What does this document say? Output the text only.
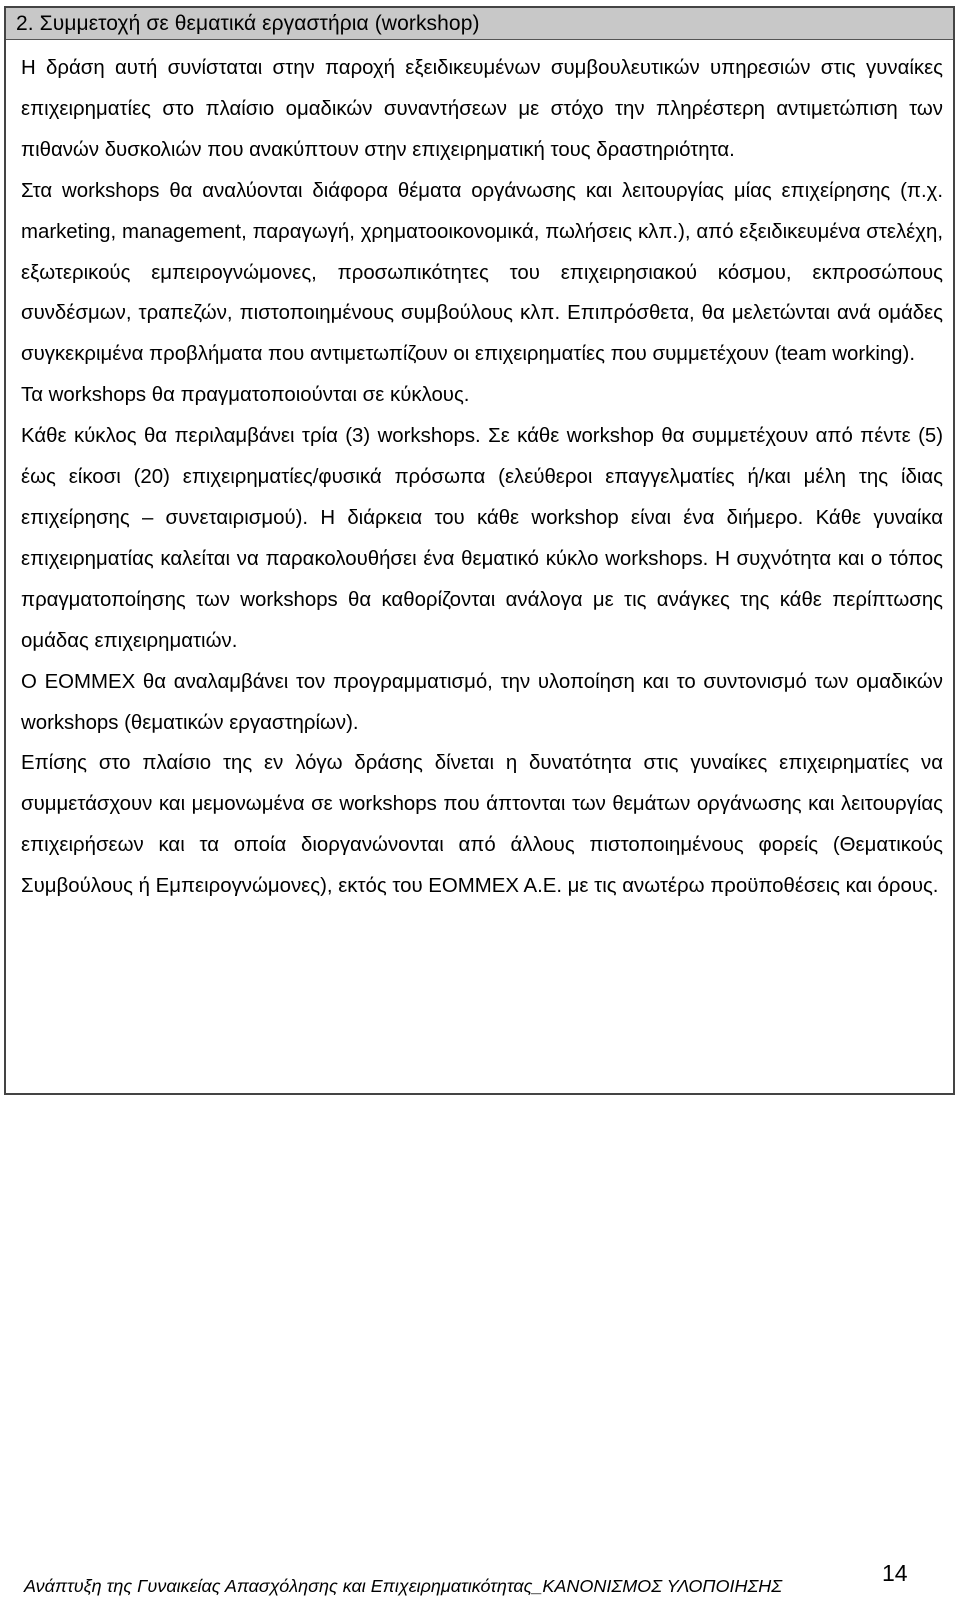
2. Συμμετοχή σε θεματικά εργαστήρια (workshop)

Η δράση αυτή συνίσταται στην παροχή εξειδικευμένων συμβουλευτικών υπηρεσιών στις γυναίκες επιχειρηματίες στο πλαίσιο ομαδικών συναντήσεων με στόχο την πληρέστερη αντιμετώπιση των πιθανών δυσκολιών που ανακύπτουν στην επιχειρηματική τους δραστηριότητα.

Στα workshops θα αναλύονται διάφορα θέματα οργάνωσης και λειτουργίας μίας επιχείρησης (π.χ. marketing, management, παραγωγή, χρηματοοικονομικά, πωλήσεις κλπ.), από εξειδικευμένα στελέχη, εξωτερικούς εμπειρογνώμονες, προσωπικότητες του επιχειρησιακού κόσμου, εκπροσώπους συνδέσμων, τραπεζών, πιστοποιημένους συμβούλους κλπ. Επιπρόσθετα, θα μελετώνται ανά ομάδες συγκεκριμένα προβλήματα που αντιμετωπίζουν οι επιχειρηματίες που συμμετέχουν (team working).

Τα workshops θα πραγματοποιούνται σε κύκλους.

Κάθε κύκλος θα περιλαμβάνει τρία (3) workshops. Σε κάθε workshop θα συμμετέχουν από πέντε (5) έως είκοσι (20) επιχειρηματίες/φυσικά πρόσωπα (ελεύθεροι επαγγελματίες ή/και μέλη της ίδιας επιχείρησης – συνεταιρισμού). Η διάρκεια του κάθε workshop είναι ένα διήμερο. Κάθε γυναίκα επιχειρηματίας καλείται να παρακολουθήσει ένα θεματικό κύκλο workshops. Η συχνότητα και ο τόπος πραγματοποίησης των workshops θα καθορίζονται ανάλογα με τις ανάγκες της κάθε περίπτωσης ομάδας επιχειρηματιών.

Ο ΕΟΜΜΕΧ θα αναλαμβάνει τον προγραμματισμό, την υλοποίηση και το συντονισμό των ομαδικών workshops (θεματικών εργαστηρίων).

Επίσης στο πλαίσιο της εν λόγω δράσης δίνεται η δυνατότητα στις γυναίκες επιχειρηματίες να συμμετάσχουν και μεμονωμένα σε workshops που άπτονται των θεμάτων οργάνωσης και λειτουργίας επιχειρήσεων και τα οποία διοργανώνονται από άλλους πιστοποιημένους φορείς (Θεματικούς Συμβούλους ή Εμπειρογνώμονες), εκτός του ΕΟΜΜΕΧ Α.Ε. με τις ανωτέρω προϋποθέσεις και όρους.

Ανάπτυξη της Γυναικείας Απασχόλησης και Επιχειρηματικότητας_ΚΑΝΟΝΙΣΜΟΣ ΥΛΟΠΟΙΗΣΗΣ	14
